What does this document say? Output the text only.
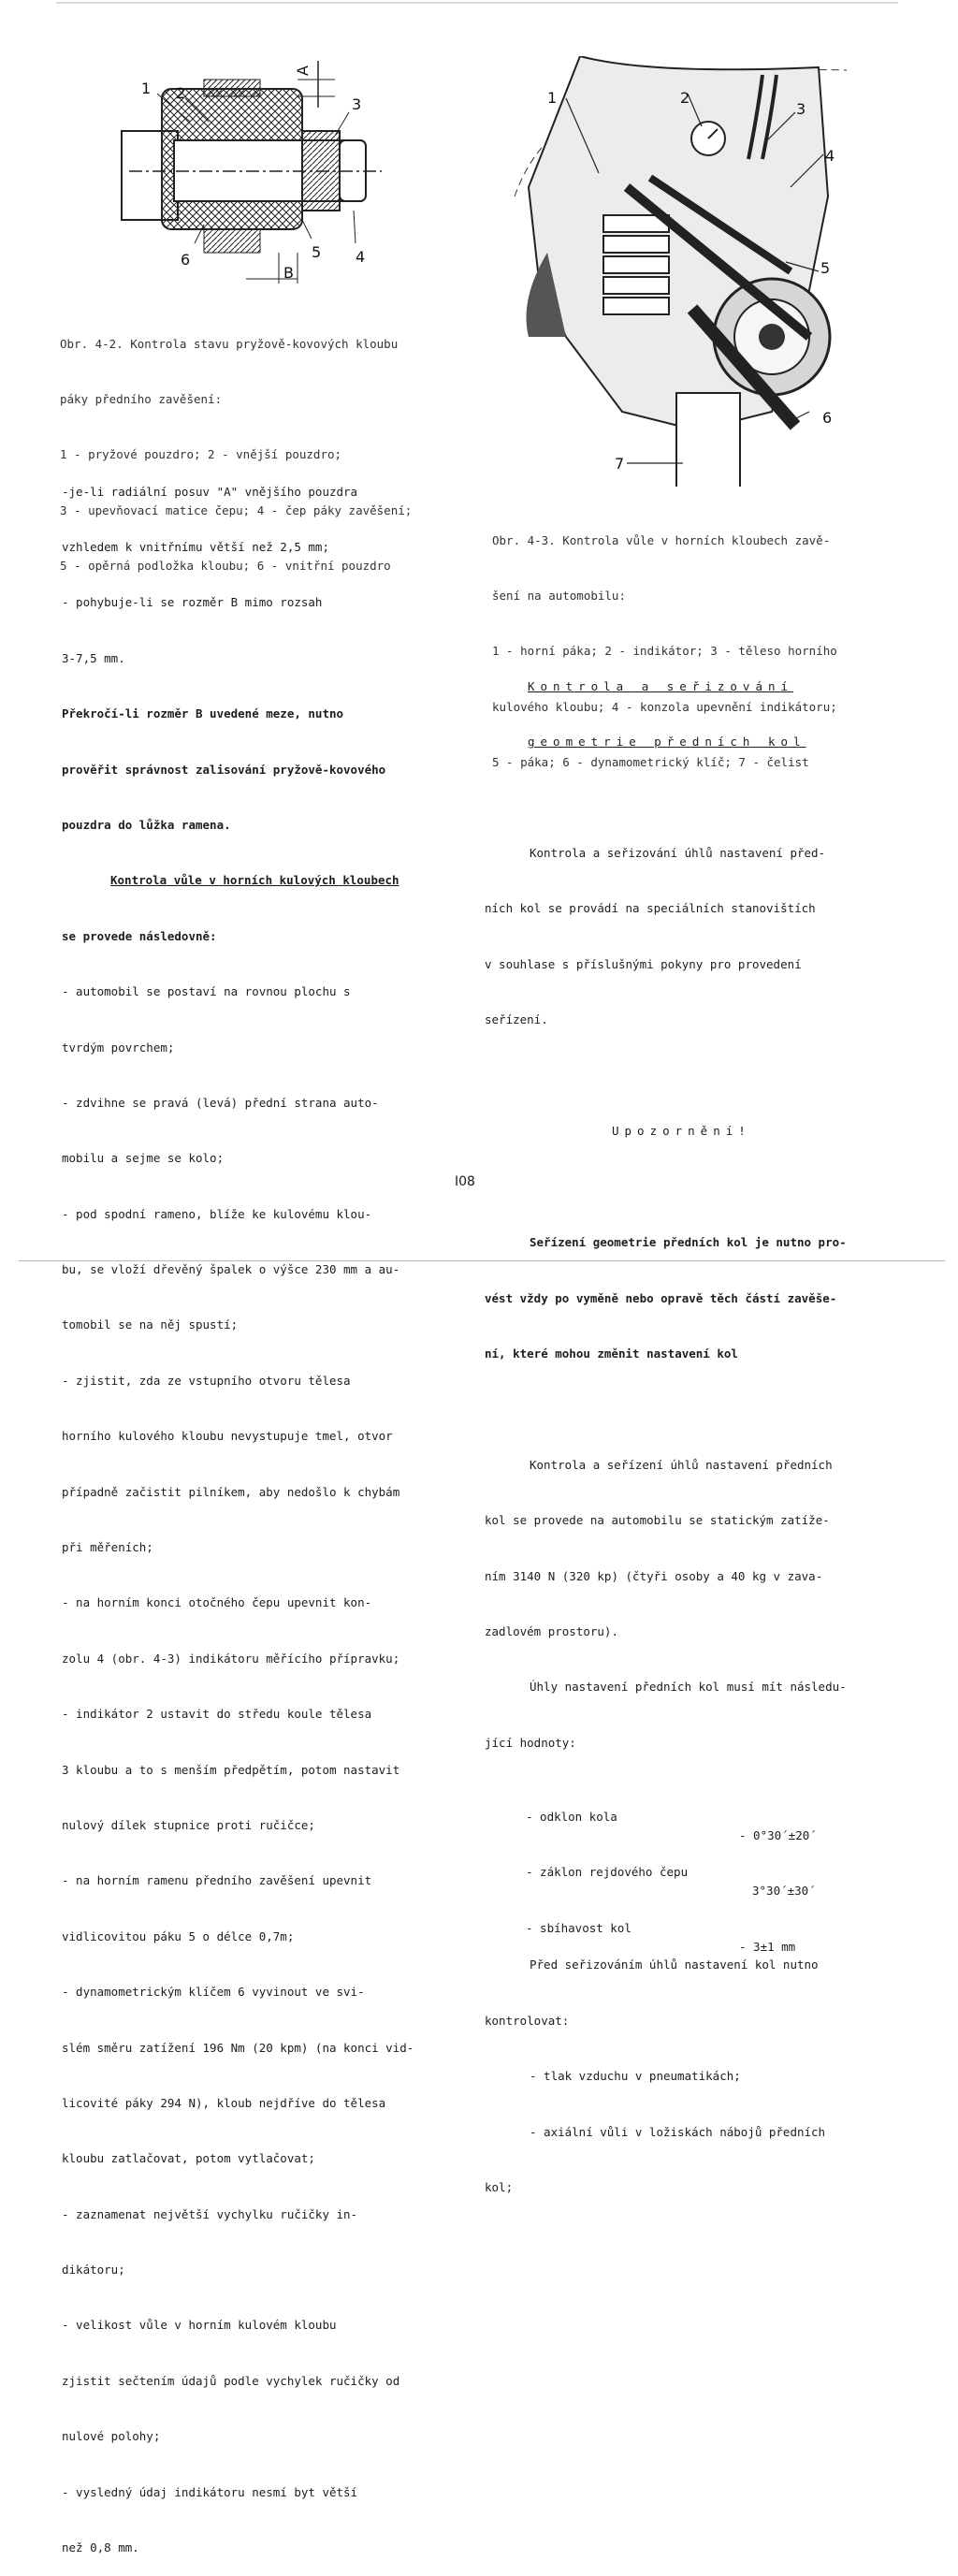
1 2
3
4
5
6
A
B
1	2
3
4
5
6
7

Obr. 4-2. Kontrola stavu pryžově-kovových kloubu

páky předního zavěšení:

1 - pryžové pouzdro; 2 - vnější pouzdro;

3 - upevňovací matice čepu; 4 - čep páky zavěšení;

5 - opěrná podložka kloubu; 6 - vnitřní pouzdro

Obr. 4-3. Kontrola vůle v horních kloubech zavě-

šení na automobilu:

1 - horní páka; 2 - indikátor; 3 - těleso horního

kulového kloubu; 4 - konzola upevnění indikátoru;

5 - páka; 6 - dynamometrický klíč; 7 - čelist

-je-li radiální posuv "A" vnějšího pouzdra

vzhledem k vnitřnímu větší než 2,5 mm;

- pohybuje-li se rozměr B mimo rozsah

3-7,5 mm.

Překročí-li rozměr B uvedené meze, nutno

prověřit správnost zalisování pryžově-kovového

pouzdra do lůžka ramena.

Kontrola vůle v horních kulových kloubech

se provede následovně:

- automobil se postaví na rovnou plochu s

tvrdým povrchem;

- zdvihne se pravá (levá) přední strana auto-

mobilu a sejme se kolo;

- pod spodní rameno, blíže ke kulovému klou-

bu, se vloží dřevěný špalek o výšce 230 mm a au-

tomobil se na něj spustí;

- zjistit, zda ze vstupního otvoru tělesa

horního kulového kloubu nevystupuje tmel, otvor

případně začistit pilníkem, aby nedošlo k chybám

při měřeních;

- na horním konci otočného čepu upevnit kon-

zolu 4 (obr. 4-3) indikátoru měřícího přípravku;

- indikátor 2 ustavit do středu koule tělesa

3 kloubu a to s menším předpětím, potom nastavit

nulový dílek stupnice proti ručičce;

- na horním ramenu předního zavěšení upevnit

vidlicovitou páku 5 o délce 0,7m;

- dynamometrickým klíčem 6 vyvinout ve svi-

slém směru zatížení 196 Nm (20 kpm) (na konci vid-

licovité páky 294 N), kloub nejdříve do tělesa

kloubu zatlačovat, potom vytlačovat;

- zaznamenat největší vychylku ručičky in-

dikátoru;

- velikost vůle v horním kulovém kloubu

zjistit sečtením údajů podle vychylek ručičky od

nulové polohy;

- vysledný údaj indikátoru nesmí byt větší

než 0,8 mm.

Kontrola a seřizování

geometrie předních kol

Kontrola a seřizování úhlů nastavení před-

ních kol se provádí na speciálních stanovištích

v souhlase s příslušnými pokyny pro provedení

seřízení.

Upozornění!

Seřízení geometrie předních kol je nutno pro-

vést vždy po vyměně nebo opravě těch částí zavěše-

ní, které mohou změnit nastavení kol

Kontrola a seřízení úhlů nastavení předních

kol se provede na automobilu se statickým zatíže-

ním 3140 N (320 kp) (čtyři osoby a 40 kg v zava-

zadlovém prostoru).

Úhly nastavení předních kol musí mít následu-

jící hodnoty:

- odklon kola

- 0°30´±20´

- záklon rejdového čepu

3°30´±30´

- sbíhavost kol

- 3±1 mm

Před seřizováním úhlů nastavení kol nutno

kontrolovat:

- tlak vzduchu v pneumatikách;

- axiální vůli v ložiskách nábojů předních

kol;

I08
